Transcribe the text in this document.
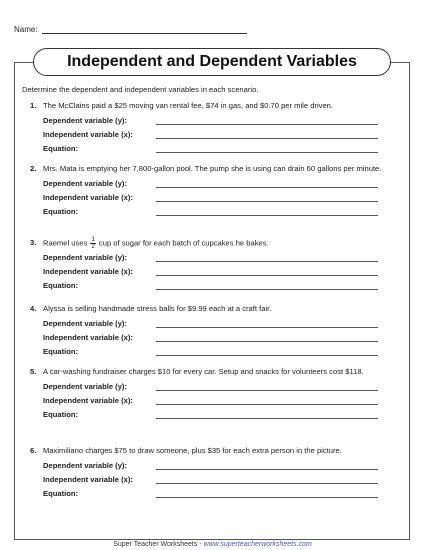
Name:
Independent and Dependent Variables
Determine the dependent and independent variables in each scenario.
1. The McClains paid a $25 moving van rental fee, $74 in gas, and $0.70 per mile driven.
Dependent variable (y):
Independent variable (x):
Equation:
2. Mrs. Mata is emptying her 7,800-gallon pool. The pump she is using can drain 60 gallons per minute.
Dependent variable (y):
Independent variable (x):
Equation:
3. Raemel uses $\frac{1}{2}$ cup of sugar for each batch of cupcakes he bakes.
Dependent variable (y):
Independent variable (x):
Equation:
4. Alyssa is selling handmade stress balls for $9.99 each at a craft fair.
Dependent variable (y):
Independent variable (x):
Equation:
5. A car-washing fundraiser charges $10 for every car. Setup and snacks for volunteers cost $118.
Dependent variable (y):
Independent variable (x):
Equation:
6. Maximiliano charges $75 to draw someone, plus $35 for each extra person in the picture.
Dependent variable (y):
Independent variable (x):
Equation:
Super Teacher Worksheets - www.superteacherworksheets.com
